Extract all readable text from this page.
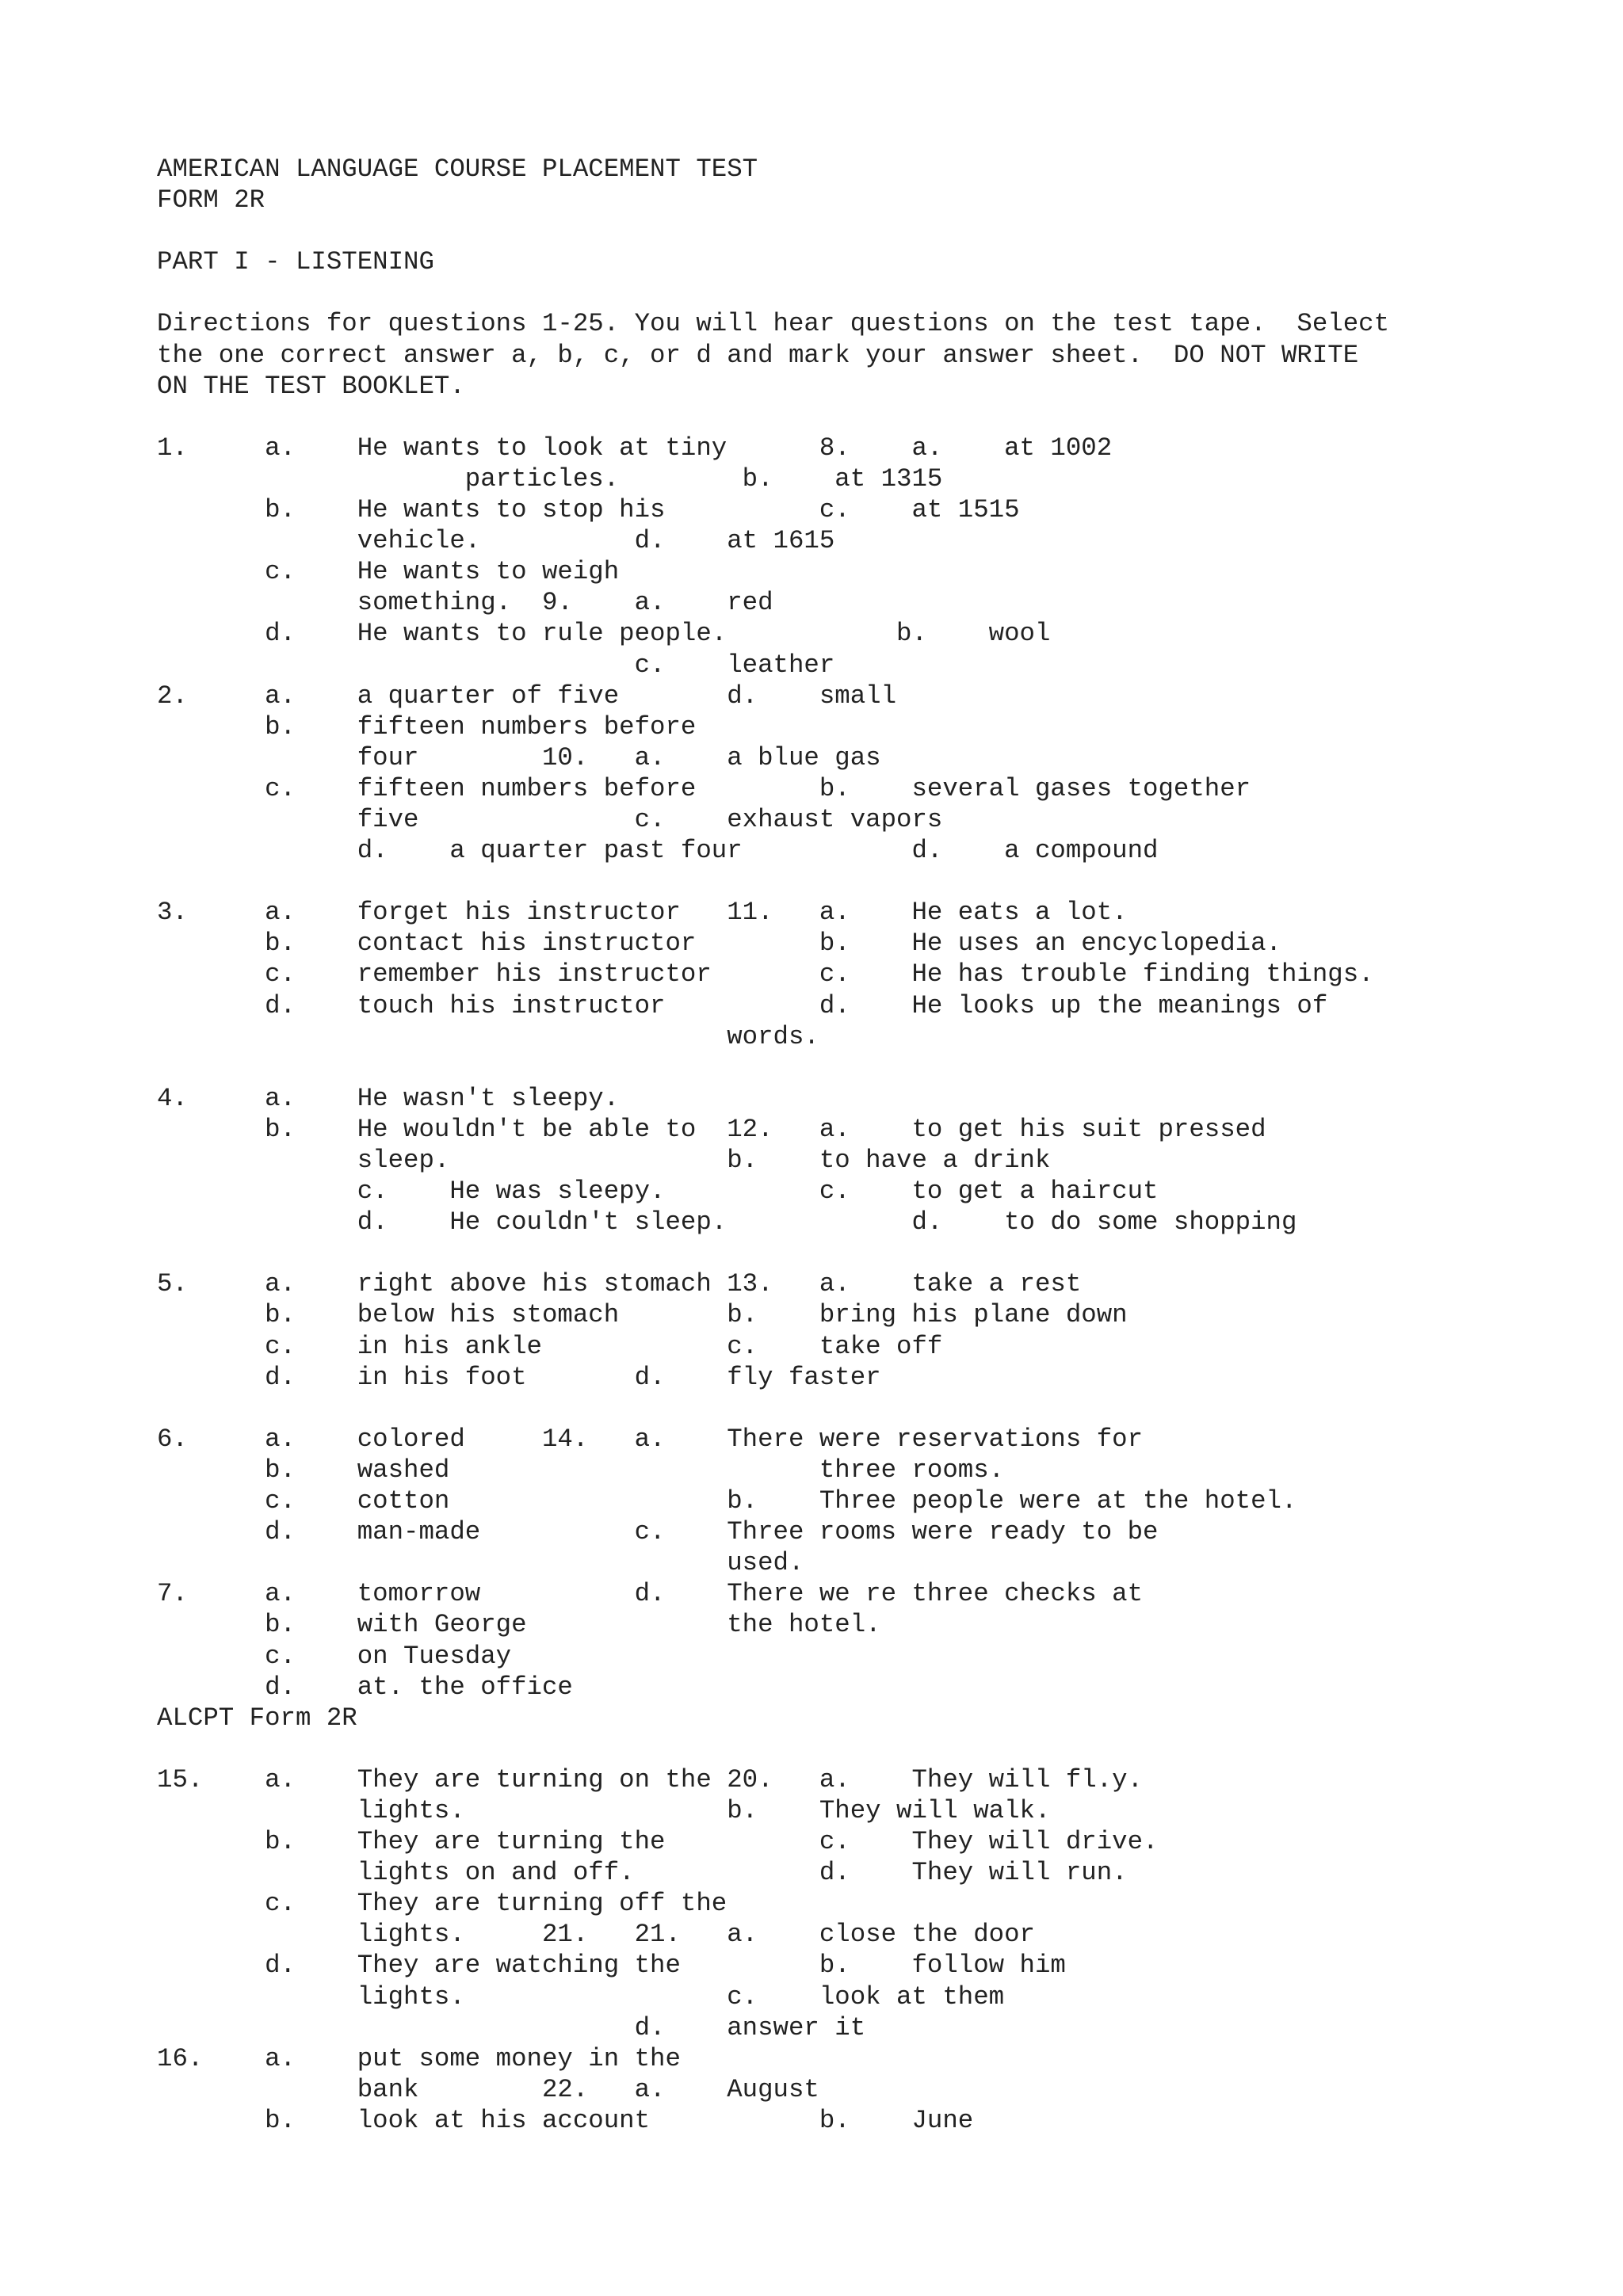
AMERICAN LANGUAGE COURSE PLACEMENT TEST
FORM 2R

PART I - LISTENING

Directions for questions 1-25. You will hear questions on the test tape.  Select
the one correct answer a, b, c, or d and mark your answer sheet.  DO NOT WRITE
ON THE TEST BOOKLET.

1.     a.    He wants to look at tiny      8.    a.    at 1002
particles.        b.    at 1315
b.    He wants to stop his          c.    at 1515
vehicle.          d.    at 1615
c.    He wants to weigh
something.  9.    a.    red
d.    He wants to rule people.           b.    wool
c.    leather
2.     a.    a quarter of five       d.    small
b.    fifteen numbers before
four        10.   a.    a blue gas
c.    fifteen numbers before        b.    several gases together
five              c.    exhaust vapors
d.    a quarter past four           d.    a compound

3.     a.    forget his instructor   11.   a.    He eats a lot.
b.    contact his instructor        b.    He uses an encyclopedia.
c.    remember his instructor       c.    He has trouble finding things.
d.    touch his instructor          d.    He looks up the meanings of
words.

4.     a.    He wasn't sleepy.
b.    He wouldn't be able to  12.   a.    to get his suit pressed
sleep.                  b.    to have a drink
c.    He was sleepy.          c.    to get a haircut
d.    He couldn't sleep.            d.    to do some shopping

5.     a.    right above his stomach 13.   a.    take a rest
b.    below his stomach       b.    bring his plane down
c.    in his ankle            c.    take off
d.    in his foot       d.    fly faster

6.     a.    colored     14.   a.    There were reservations for
b.    washed                        three rooms.
c.    cotton                  b.    Three people were at the hotel.
d.    man-made          c.    Three rooms were ready to be
used.
7.     a.    tomorrow          d.    There we re three checks at
b.    with George             the hotel.
c.    on Tuesday
d.    at. the office
ALCPT Form 2R

15.    a.    They are turning on the 20.   a.    They will fl.y.
lights.                 b.    They will walk.
b.    They are turning the          c.    They will drive.
lights on and off.            d.    They will run.
c.    They are turning off the
lights.     21.   21.   a.    close the door
d.    They are watching the         b.    follow him
lights.                 c.    look at them
d.    answer it
16.    a.    put some money in the
bank        22.   a.    August
b.    look at his account           b.    June
